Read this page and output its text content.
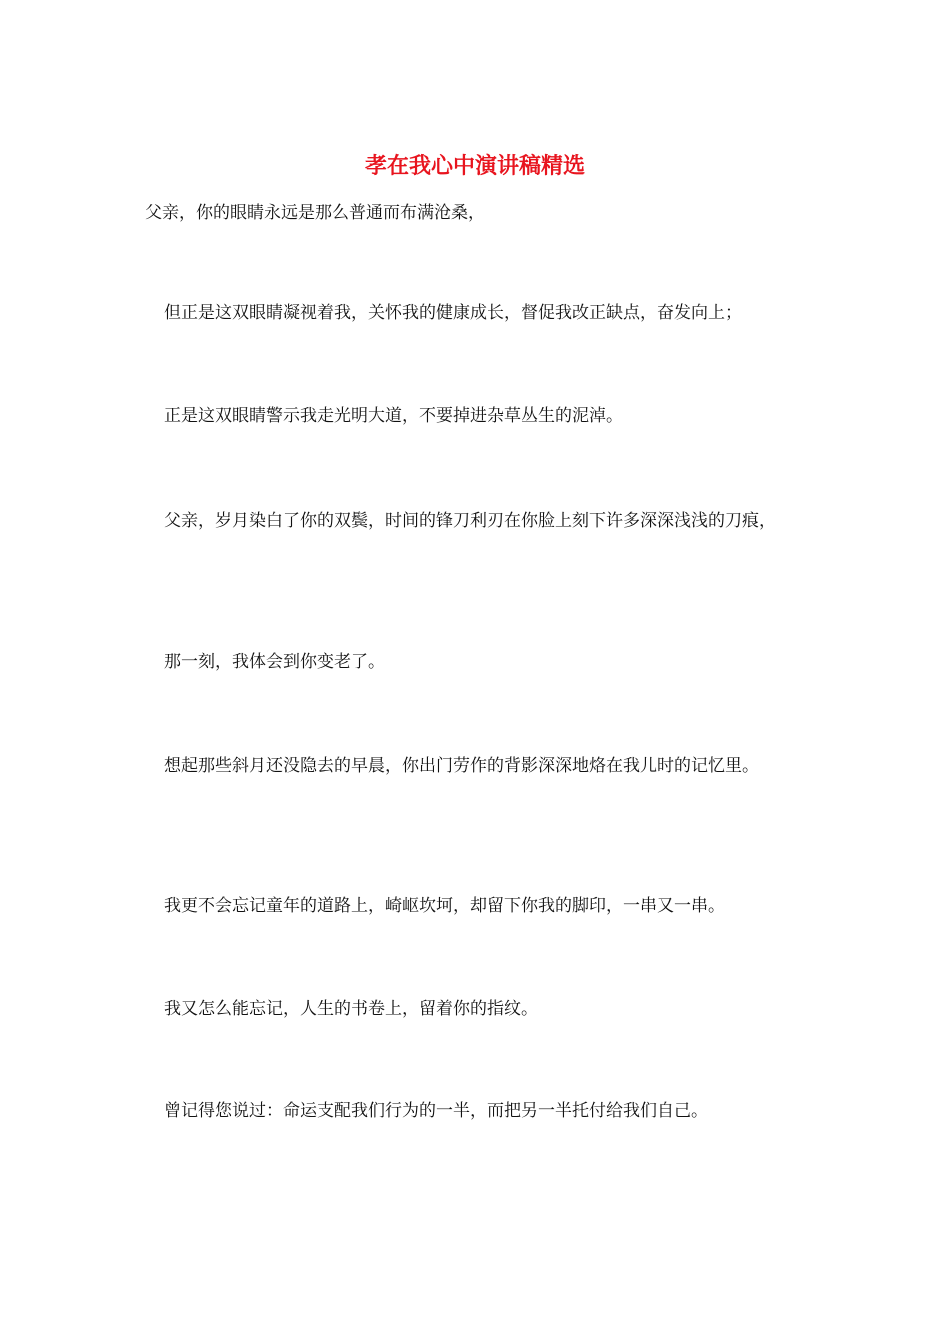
孝在我心中演讲稿精选
父亲，你的眼睛永远是那么普通而布满沧桑，
但正是这双眼睛凝视着我，关怀我的健康成长，督促我改正缺点，奋发向上；
正是这双眼睛警示我走光明大道，不要掉进杂草丛生的泥淖。
父亲，岁月染白了你的双鬓，时间的锋刀利刃在你脸上刻下许多深深浅浅的刀痕，
那一刻，我体会到你变老了。
想起那些斜月还没隐去的早晨，你出门劳作的背影深深地烙在我儿时的记忆里。
我更不会忘记童年的道路上，崎岖坎坷，却留下你我的脚印，一串又一串。
我又怎么能忘记，人生的书卷上，留着你的指纹。
曾记得您说过：命运支配我们行为的一半，而把另一半托付给我们自己。
